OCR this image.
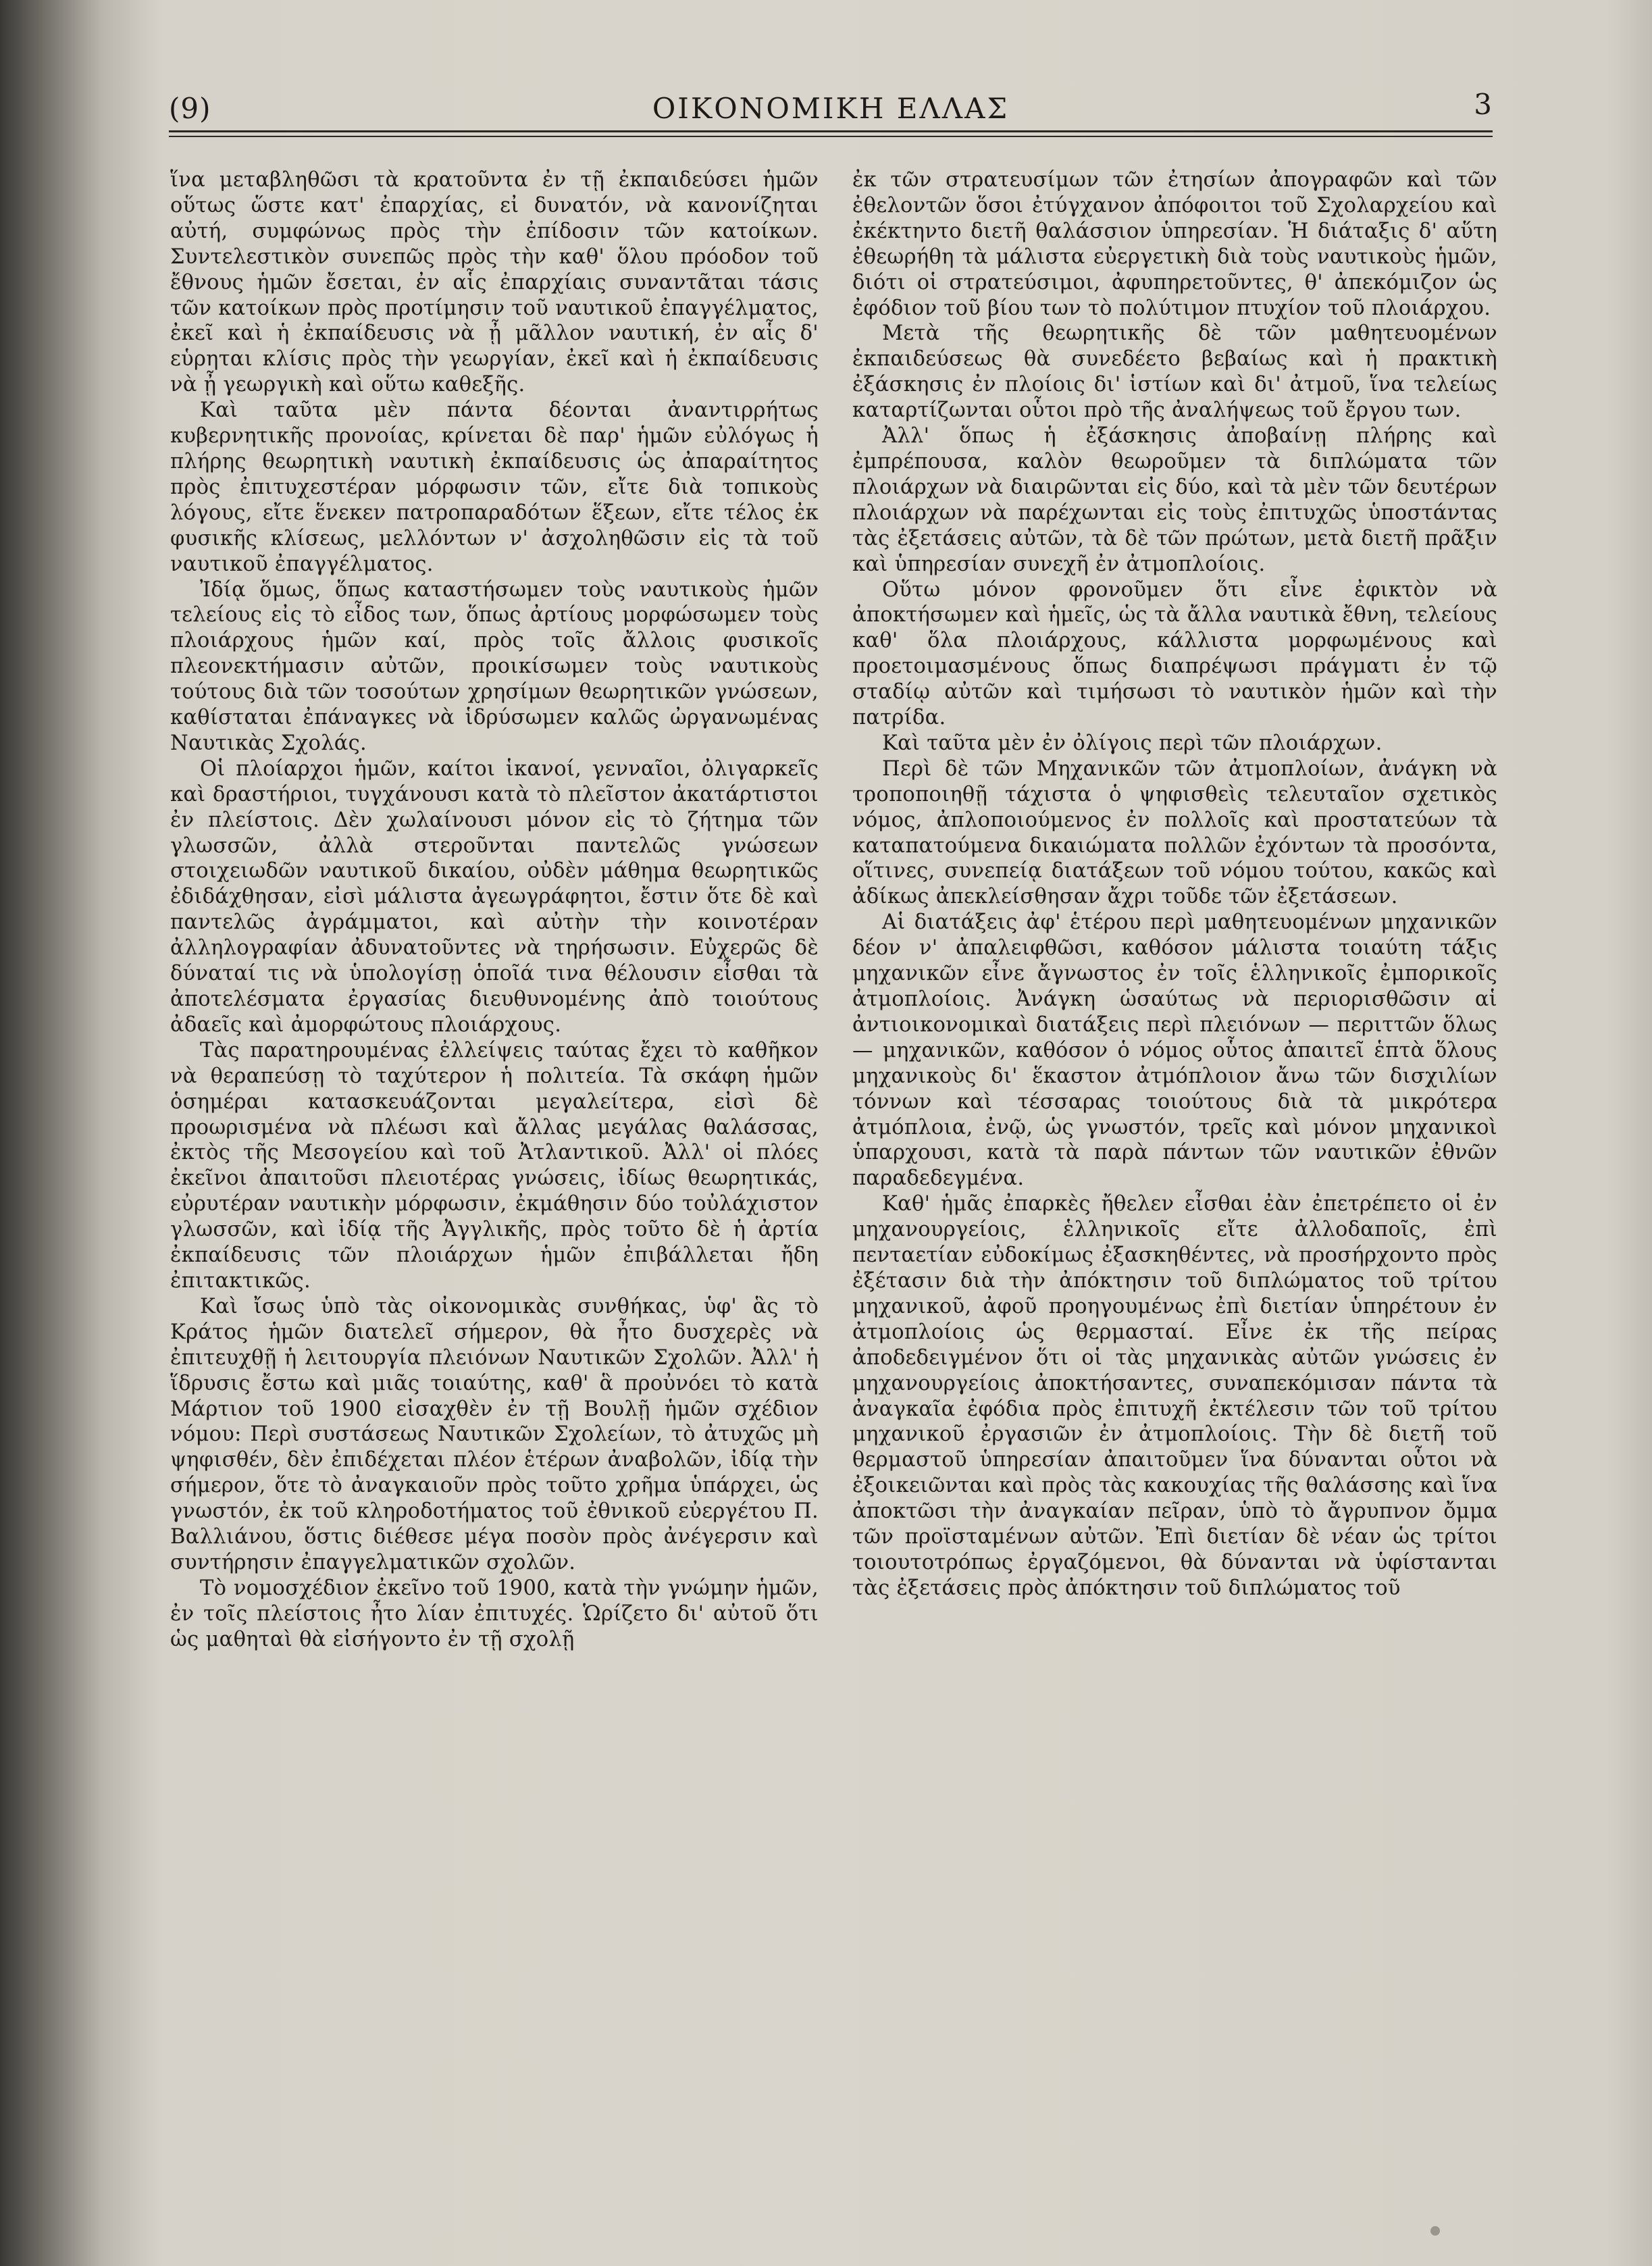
(9)	ΟΙΚΟΝΟΜΙΚΗ ΕΛΛΑΣ	3

ἵνα μεταβληθῶσι τὰ κρατοῦντα ἐν τῇ ἐκπαιδεύσει ἡμῶν οὕτως ὥστε κατ' ἐπαρχίας, εἰ δυνατόν, νὰ κανονίζηται αὐτή, συμφώνως πρὸς τὴν ἐπίδοσιν τῶν κατοίκων. Συντελεστικὸν συνεπῶς πρὸς τὴν καθ' ὅλου πρόοδον τοῦ ἔθνους ἡμῶν ἔσεται, ἐν αἷς ἐπαρχίαις συναντᾶται τάσις τῶν κατοίκων πρὸς προτίμησιν τοῦ ναυτικοῦ ἐπαγγέλματος, ἐκεῖ καὶ ἡ ἐκπαίδευσις νὰ ᾖ μᾶλλον ναυτική, ἐν αἷς δ' εὑρηται κλίσις πρὸς τὴν γεωργίαν, ἐκεῖ καὶ ἡ ἐκπαίδευσις νὰ ᾖ γεωργικὴ καὶ οὕτω καθεξῆς.

Καὶ ταῦτα μὲν πάντα δέονται ἀναντιρρήτως κυβερνητικῆς προνοίας, κρίνεται δὲ παρ' ἡμῶν εὐλόγως ἡ πλήρης θεωρητικὴ ναυτικὴ ἐκπαίδευσις ὡς ἀπαραίτητος πρὸς ἐπιτυχεστέραν μόρφωσιν τῶν, εἴτε διὰ τοπικοὺς λόγους, εἴτε ἕνεκεν πατροπαραδότων ἕξεων, εἴτε τέλος ἐκ φυσικῆς κλίσεως, μελλόντων ν' ἀσχοληθῶσιν εἰς τὰ τοῦ ναυτικοῦ ἐπαγγέλματος.

Ἰδίᾳ ὅμως, ὅπως καταστήσωμεν τοὺς ναυτικοὺς ἡμῶν τελείους εἰς τὸ εἶδος των, ὅπως ἀρτίους μορφώσωμεν τοὺς πλοιάρχους ἡμῶν καί, πρὸς τοῖς ἄλλοις φυσικοῖς πλεονεκτήμασιν αὐτῶν, προικίσωμεν τοὺς ναυτικοὺς τούτους διὰ τῶν τοσούτων χρησίμων θεωρητικῶν γνώσεων, καθίσταται ἐπάναγκες νὰ ἱδρύσωμεν καλῶς ὠργανωμένας Ναυτικὰς Σχολάς.

Οἱ πλοίαρχοι ἡμῶν, καίτοι ἱκανοί, γενναῖοι, ὀλιγαρκεῖς καὶ δραστήριοι, τυγχάνουσι κατὰ τὸ πλεῖστον ἀκατάρτιστοι ἐν πλείστοις. Δὲν χωλαίνουσι μόνον εἰς τὸ ζήτημα τῶν γλωσσῶν, ἀλλὰ στεροῦνται παντελῶς γνώσεων στοιχειωδῶν ναυτικοῦ δικαίου, οὐδὲν μάθημα θεωρητικῶς ἐδιδάχθησαν, εἰσὶ μάλιστα ἀγεωγράφητοι, ἔστιν ὅτε δὲ καὶ παντελῶς ἀγράμματοι, καὶ αὐτὴν τὴν κοινοτέραν ἀλληλογραφίαν ἀδυνατοῦντες νὰ τηρήσωσιν. Εὐχερῶς δὲ δύναταί τις νὰ ὑπολογίσῃ ὁποῖά τινα θέλουσιν εἶσθαι τὰ ἀποτελέσματα ἐργασίας διευθυνομένης ἀπὸ τοιούτους ἀδαεῖς καὶ ἀμορφώτους πλοιάρχους.

Τὰς παρατηρουμένας ἐλλείψεις ταύτας ἔχει τὸ καθῆκον νὰ θεραπεύσῃ τὸ ταχύτερον ἡ πολιτεία. Τὰ σκάφη ἡμῶν ὁσημέραι κατασκευάζονται μεγαλείτερα, εἰσὶ δὲ προωρισμένα νὰ πλέωσι καὶ ἄλλας μεγάλας θαλάσσας, ἐκτὸς τῆς Μεσογείου καὶ τοῦ Ἀτλαντικοῦ. Ἀλλ' οἱ πλόες ἐκεῖνοι ἀπαιτοῦσι πλειοτέρας γνώσεις, ἰδίως θεωρητικάς, εὐρυτέραν ναυτικὴν μόρφωσιν, ἐκμάθησιν δύο τοὐλάχιστον γλωσσῶν, καὶ ἰδίᾳ τῆς Ἀγγλικῆς, πρὸς τοῦτο δὲ ἡ ἀρτία ἐκπαίδευσις τῶν πλοιάρχων ἡμῶν ἐπιβάλλεται ἤδη ἐπιτακτικῶς.

Καὶ ἴσως ὑπὸ τὰς οἰκονομικὰς συνθήκας, ὑφ' ἃς τὸ Κράτος ἡμῶν διατελεῖ σήμερον, θὰ ἦτο δυσχερὲς νὰ ἐπιτευχθῇ ἡ λειτουργία πλειόνων Ναυτικῶν Σχολῶν. Ἀλλ' ἡ ἵδρυσις ἔστω καὶ μιᾶς τοιαύτης, καθ' ἃ προὐνόει τὸ κατὰ Μάρτιον τοῦ 1900 εἰσαχθὲν ἐν τῇ Βουλῇ ἡμῶν σχέδιον νόμου: Περὶ συστάσεως Ναυτικῶν Σχολείων, τὸ ἀτυχῶς μὴ ψηφισθέν, δὲν ἐπιδέχεται πλέον ἑτέρων ἀναβολῶν, ἰδίᾳ τὴν σήμερον, ὅτε τὸ ἀναγκαιοῦν πρὸς τοῦτο χρῆμα ὑπάρχει, ὡς γνωστόν, ἐκ τοῦ κληροδοτήματος τοῦ ἐθνικοῦ εὐεργέτου Π. Βαλλιάνου, ὅστις διέθεσε μέγα ποσὸν πρὸς ἀνέγερσιν καὶ συντήρησιν ἐπαγγελματικῶν σχολῶν.

Τὸ νομοσχέδιον ἐκεῖνο τοῦ 1900, κατὰ τὴν γνώμην ἡμῶν, ἐν τοῖς πλείστοις ἦτο λίαν ἐπιτυχές. Ὡρίζετο δι' αὐτοῦ ὅτι ὡς μαθηταὶ θὰ εἰσήγοντο ἐν τῇ σχολῇ

ἐκ τῶν στρατευσίμων τῶν ἐτησίων ἀπογραφῶν καὶ τῶν ἐθελοντῶν ὅσοι ἐτύγχανον ἀπόφοιτοι τοῦ Σχολαρχείου καὶ ἐκέκτηντο διετῆ θαλάσσιον ὑπηρεσίαν. Ἡ διάταξις δ' αὕτη ἐθεωρήθη τὰ μάλιστα εὐεργετικὴ διὰ τοὺς ναυτικοὺς ἡμῶν, διότι οἱ στρατεύσιμοι, ἀφυπηρετοῦντες, θ' ἀπεκόμιζον ὡς ἐφόδιον τοῦ βίου των τὸ πολύτιμον πτυχίον τοῦ πλοιάρχου.

Μετὰ τῆς θεωρητικῆς δὲ τῶν μαθητευομένων ἐκπαιδεύσεως θὰ συνεδέετο βεβαίως καὶ ἡ πρακτικὴ ἐξάσκησις ἐν πλοίοις δι' ἱστίων καὶ δι' ἀτμοῦ, ἵνα τελείως καταρτίζωνται οὗτοι πρὸ τῆς ἀναλήψεως τοῦ ἔργου των.

Ἀλλ' ὅπως ἡ ἐξάσκησις ἀποβαίνῃ πλήρης καὶ ἐμπρέπουσα, καλὸν θεωροῦμεν τὰ διπλώματα τῶν πλοιάρχων νὰ διαιρῶνται εἰς δύο, καὶ τὰ μὲν τῶν δευτέρων πλοιάρχων νὰ παρέχωνται εἰς τοὺς ἐπιτυχῶς ὑποστάντας τὰς ἐξετάσεις αὐτῶν, τὰ δὲ τῶν πρώτων, μετὰ διετῆ πρᾶξιν καὶ ὑπηρεσίαν συνεχῆ ἐν ἀτμοπλοίοις.

Οὕτω μόνον φρονοῦμεν ὅτι εἶνε ἐφικτὸν νὰ ἀποκτήσωμεν καὶ ἡμεῖς, ὡς τὰ ἄλλα ναυτικὰ ἔθνη, τελείους καθ' ὅλα πλοιάρχους, κάλλιστα μορφωμένους καὶ προετοιμασμένους ὅπως διαπρέψωσι πράγματι ἐν τῷ σταδίῳ αὐτῶν καὶ τιμήσωσι τὸ ναυτικὸν ἡμῶν καὶ τὴν πατρίδα.

Καὶ ταῦτα μὲν ἐν ὀλίγοις περὶ τῶν πλοιάρχων.

Περὶ δὲ τῶν Μηχανικῶν τῶν ἀτμοπλοίων, ἀνάγκη νὰ τροποποιηθῇ τάχιστα ὁ ψηφισθεὶς τελευταῖον σχετικὸς νόμος, ἀπλοποιούμενος ἐν πολλοῖς καὶ προστατεύων τὰ καταπατούμενα δικαιώματα πολλῶν ἐχόντων τὰ προσόντα, οἵτινες, συνεπείᾳ διατάξεων τοῦ νόμου τούτου, κακῶς καὶ ἀδίκως ἀπεκλείσθησαν ἄχρι τοῦδε τῶν ἐξετάσεων.

Αἱ διατάξεις ἀφ' ἑτέρου περὶ μαθητευομένων μηχανικῶν δέον ν' ἀπαλειφθῶσι, καθόσον μάλιστα τοιαύτη τάξις μηχανικῶν εἶνε ἄγνωστος ἐν τοῖς ἑλληνικοῖς ἐμπορικοῖς ἀτμοπλοίοις. Ἀνάγκη ὡσαύτως νὰ περιορισθῶσιν αἱ ἀντιοικονομικαὶ διατάξεις περὶ πλειόνων — περιττῶν ὅλως — μηχανικῶν, καθόσον ὁ νόμος οὗτος ἀπαιτεῖ ἑπτὰ ὅλους μηχανικοὺς δι' ἕκαστον ἀτμόπλοιον ἄνω τῶν δισχιλίων τόννων καὶ τέσσαρας τοιούτους διὰ τὰ μικρότερα ἀτμόπλοια, ἐνῷ, ὡς γνωστόν, τρεῖς καὶ μόνον μηχανικοὶ ὑπαρχουσι, κατὰ τὰ παρὰ πάντων τῶν ναυτικῶν ἐθνῶν παραδεδεγμένα.

Καθ' ἡμᾶς ἐπαρκὲς ἤθελεν εἶσθαι ἐὰν ἐπετρέπετο οἱ ἐν μηχανουργείοις, ἑλληνικοῖς εἴτε ἀλλοδαποῖς, ἐπὶ πενταετίαν εὐδοκίμως ἐξασκηθέντες, νὰ προσήρχοντο πρὸς ἐξέτασιν διὰ τὴν ἀπόκτησιν τοῦ διπλώματος τοῦ τρίτου μηχανικοῦ, ἀφοῦ προηγουμένως ἐπὶ διετίαν ὑπηρέτουν ἐν ἀτμοπλοίοις ὡς θερμασταί. Εἶνε ἐκ τῆς πείρας ἀποδεδειγμένον ὅτι οἱ τὰς μηχανικὰς αὐτῶν γνώσεις ἐν μηχανουργείοις ἀποκτήσαντες, συναπεκόμισαν πάντα τὰ ἀναγκαῖα ἐφόδια πρὸς ἐπιτυχῆ ἐκτέλεσιν τῶν τοῦ τρίτου μηχανικοῦ ἐργασιῶν ἐν ἀτμοπλοίοις. Τὴν δὲ διετῆ τοῦ θερμαστοῦ ὑπηρεσίαν ἀπαιτοῦμεν ἵνα δύνανται οὗτοι νὰ ἐξοικειῶνται καὶ πρὸς τὰς κακουχίας τῆς θαλάσσης καὶ ἵνα ἀποκτῶσι τὴν ἀναγκαίαν πεῖραν, ὑπὸ τὸ ἄγρυπνον ὄμμα τῶν προϊσταμένων αὐτῶν. Ἐπὶ διετίαν δὲ νέαν ὡς τρίτοι τοιουτοτρόπως ἐργαζόμενοι, θὰ δύνανται νὰ ὑφίστανται τὰς ἐξετάσεις πρὸς ἀπόκτησιν τοῦ διπλώματος τοῦ
